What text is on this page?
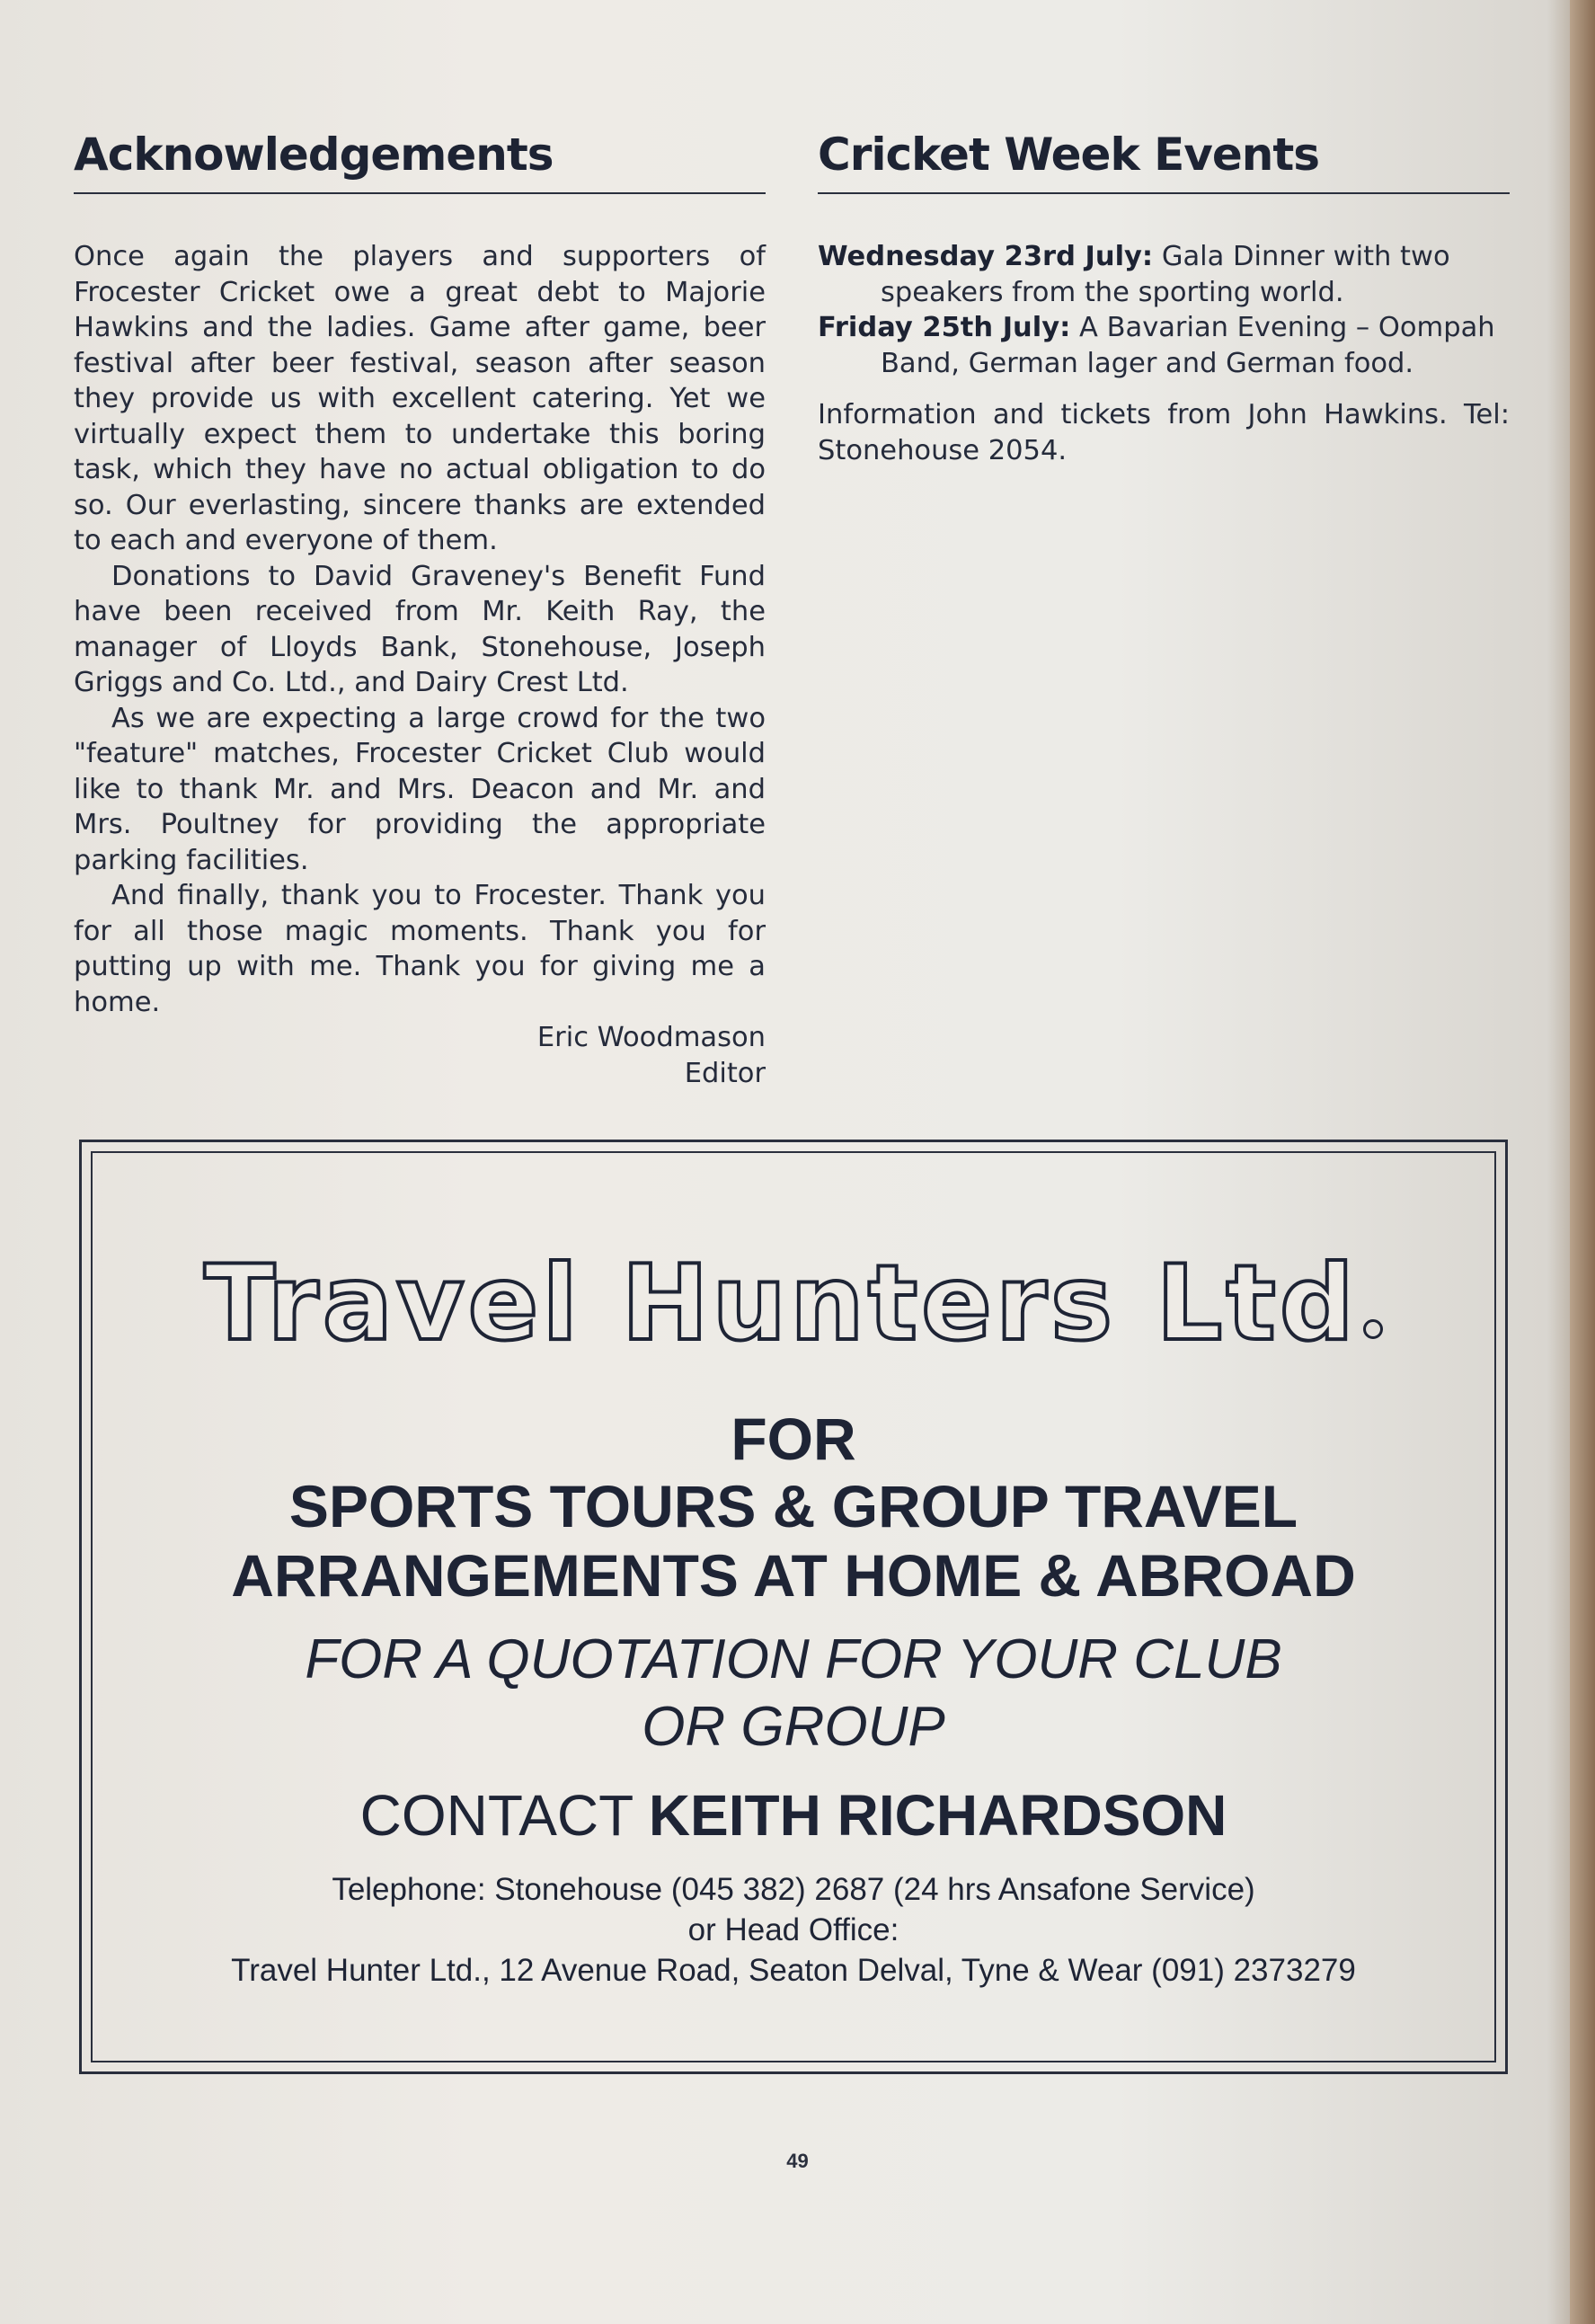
Acknowledgements

Once again the players and supporters of Frocester Cricket owe a great debt to Majorie Hawkins and the ladies. Game after game, beer festival after beer festival, season after season they provide us with excellent catering. Yet we virtually expect them to undertake this boring task, which they have no actual obligation to do so. Our everlasting, sincere thanks are extended to each and everyone of them.

Donations to David Graveney's Benefit Fund have been received from Mr. Keith Ray, the manager of Lloyds Bank, Stonehouse, Joseph Griggs and Co. Ltd., and Dairy Crest Ltd.

As we are expecting a large crowd for the two "feature" matches, Frocester Cricket Club would like to thank Mr. and Mrs. Deacon and Mr. and Mrs. Poultney for providing the appropriate parking facilities.

And finally, thank you to Frocester. Thank you for all those magic moments. Thank you for putting up with me. Thank you for giving me a home.

Eric Woodmason
Editor
Cricket Week Events
Wednesday 23rd July: Gala Dinner with two
speakers from the sporting world.
Friday 25th July: A Bavarian Evening – Oompah
Band, German lager and German food.
Information and tickets from John Hawkins. Tel: Stonehouse 2054.
Travel Hunters Ltd
FOR
SPORTS TOURS & GROUP TRAVEL
ARRANGEMENTS AT HOME & ABROAD
FOR A QUOTATION FOR YOUR CLUB
OR GROUP
CONTACT KEITH RICHARDSON
Telephone: Stonehouse (045 382) 2687 (24 hrs Ansafone Service)
or Head Office:
Travel Hunter Ltd., 12 Avenue Road, Seaton Delval, Tyne & Wear (091) 2373279
49
